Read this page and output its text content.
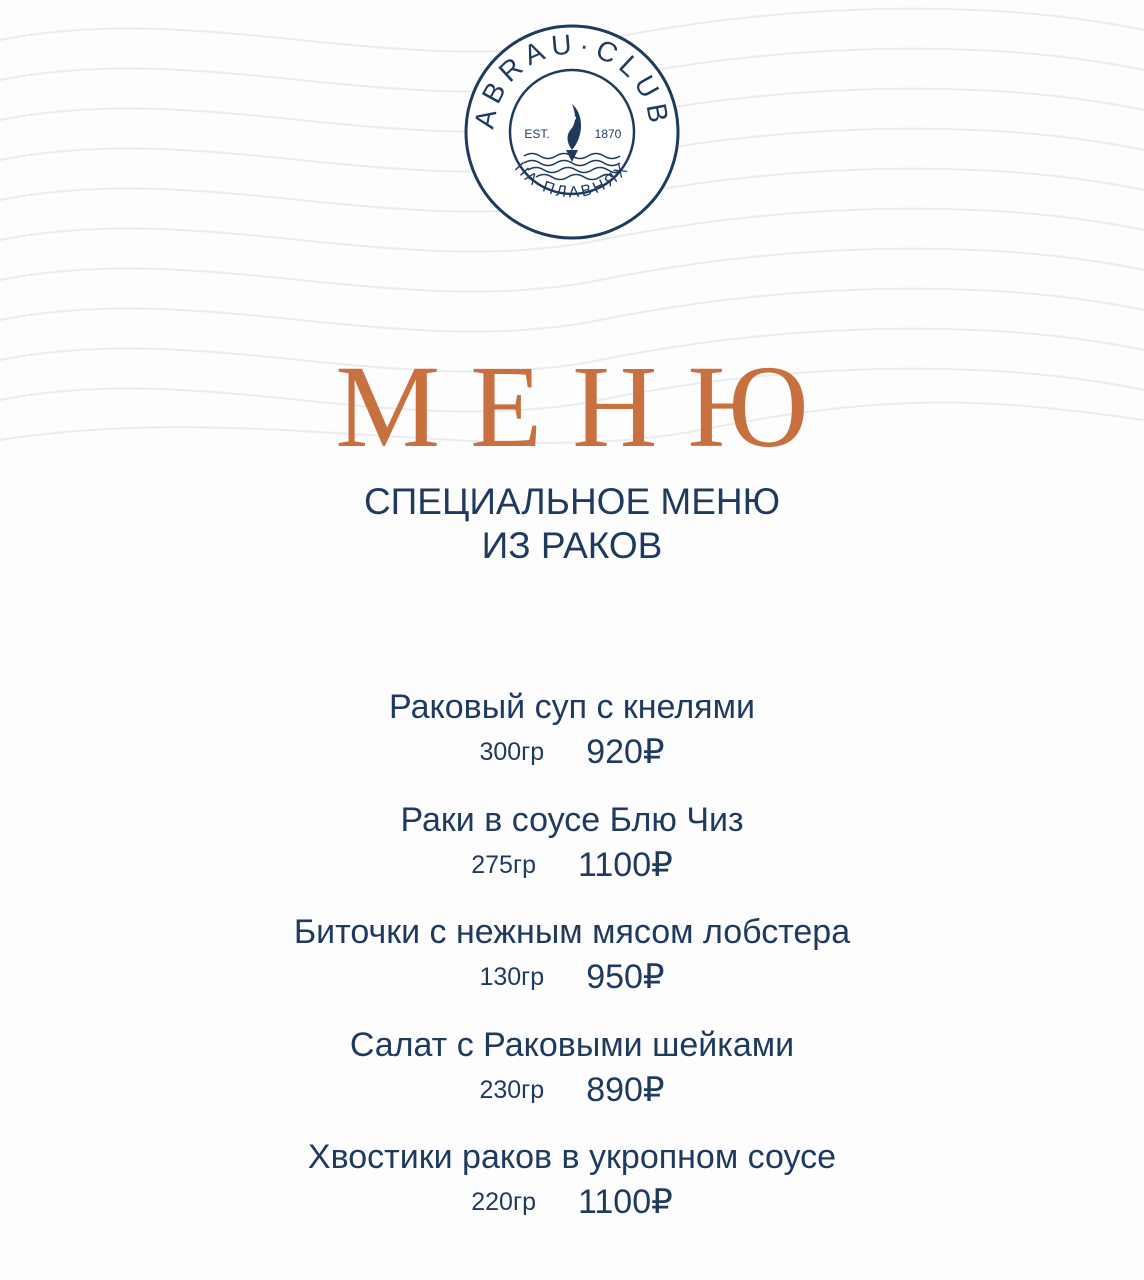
ABRAU·CLUB
НА ПЛАВНЯХ
EST.	1870
МЕНЮ
СПЕЦИАЛЬНОЕ МЕНЮ
ИЗ РАКОВ
Раковый суп с кнелями
300гр 920₽
Раки в соусе Блю Чиз
275гр 1100₽
Биточки с нежным мясом лобстера
130гр 950₽
Салат с Раковыми шейками
230гр 890₽
Хвостики раков в укропном соусе
220гр 1100₽
